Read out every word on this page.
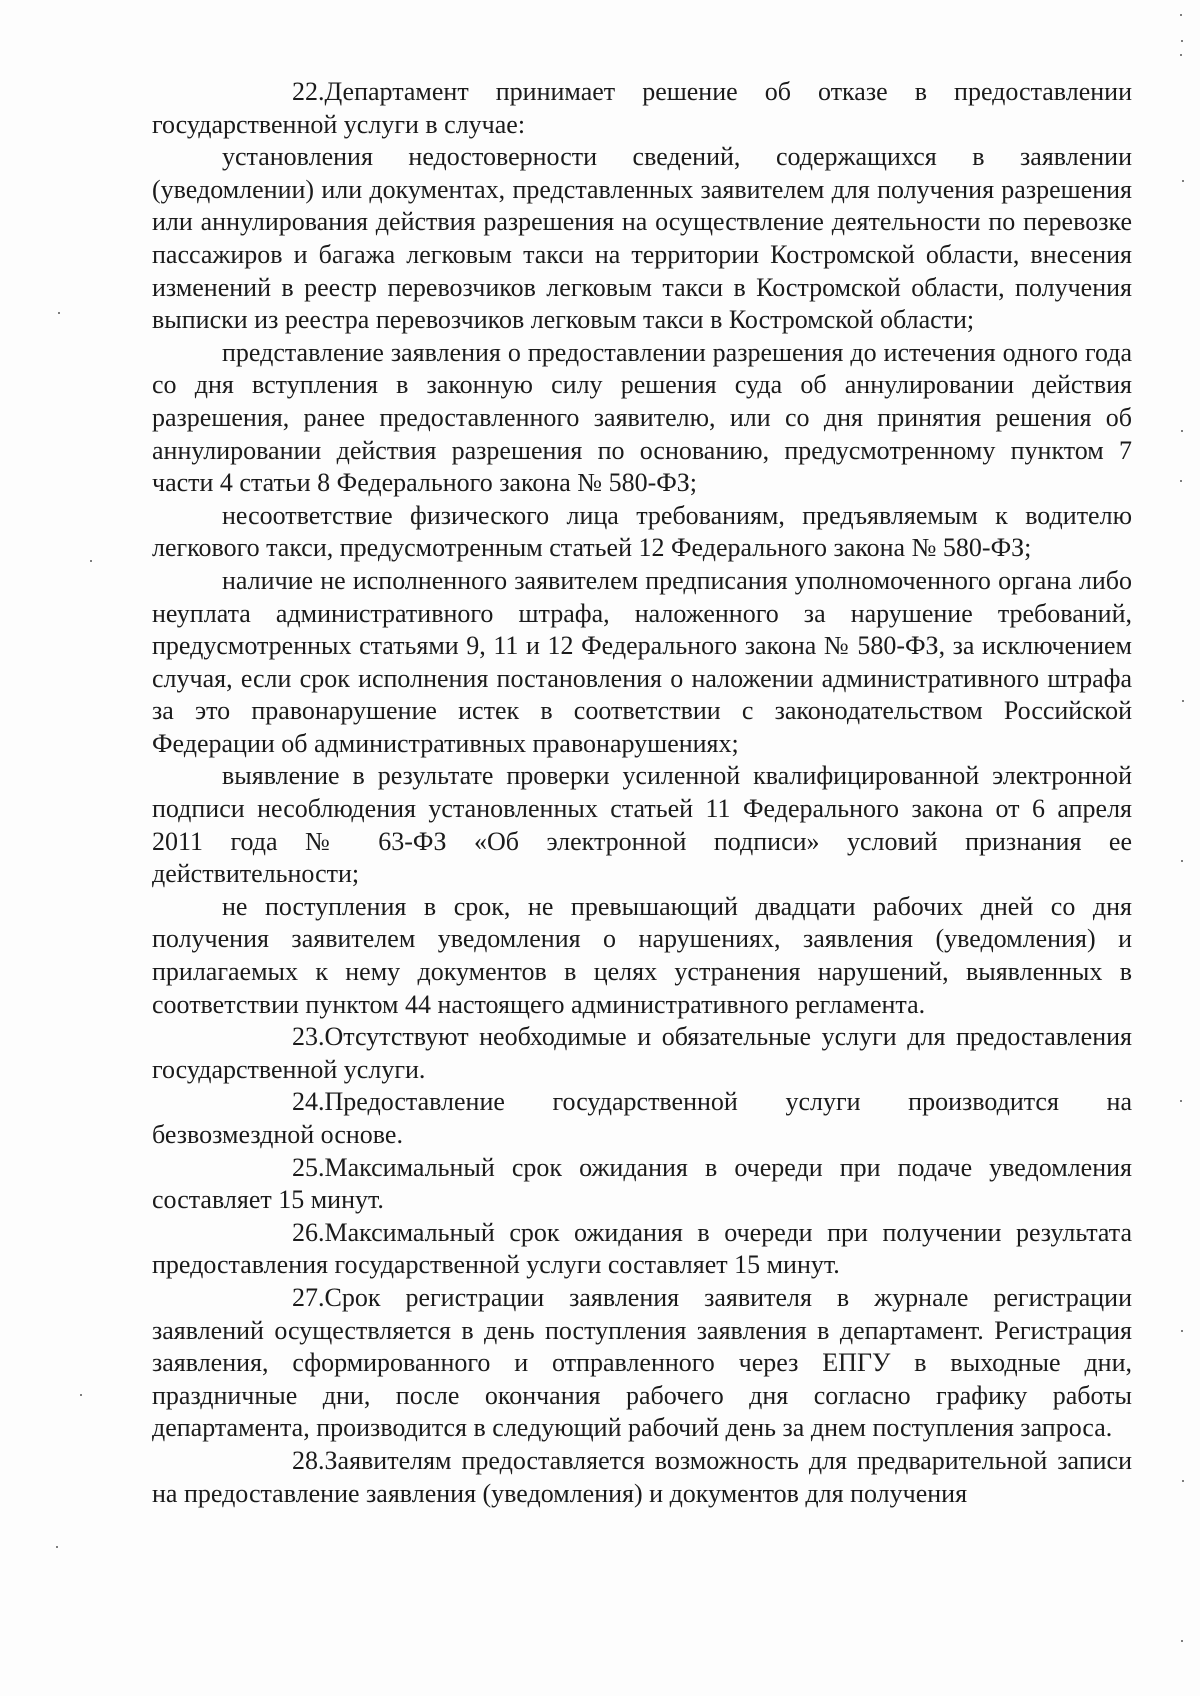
22.Департамент принимает решение об отказе в предоставлении государственной услуги в случае:

установления недостоверности сведений, содержащихся в заявлении (уведомлении) или документах, представленных заявителем для получения разрешения или аннулирования действия разрешения на осуществление деятельности по перевозке пассажиров и багажа легковым такси на территории Костромской области, внесения изменений в реестр перевозчиков легковым такси в Костромской области, получения выписки из реестра перевозчиков легковым такси в Костромской области;

представление заявления о предоставлении разрешения до истечения одного года со дня вступления в законную силу решения суда об аннулировании действия разрешения, ранее предоставленного заявителю, или со дня принятия решения об аннулировании действия разрешения по основанию, предусмотренному пунктом 7 части 4 статьи 8 Федерального закона № 580-ФЗ;

несоответствие физического лица требованиям, предъявляемым к водителю легкового такси, предусмотренным статьей 12 Федерального закона № 580-ФЗ;

наличие не исполненного заявителем предписания уполномоченного органа либо неуплата административного штрафа, наложенного за нарушение требований, предусмотренных статьями 9, 11 и 12 Федерального закона № 580-ФЗ, за исключением случая, если срок исполнения постановления о наложении административного штрафа за это правонарушение истек в соответствии с законодательством Российской Федерации об административных правонарушениях;

выявление в результате проверки усиленной квалифицированной электронной подписи несоблюдения установленных статьей 11 Федерального закона от 6 апреля 2011 года № 63-ФЗ «Об электронной подписи» условий признания ее действительности;

не поступления в срок, не превышающий двадцати рабочих дней со дня получения заявителем уведомления о нарушениях, заявления (уведомления) и прилагаемых к нему документов в целях устранения нарушений, выявленных в соответствии пунктом 44 настоящего административного регламента.

23.Отсутствуют необходимые и обязательные услуги для предоставления государственной услуги.

24.Предоставление государственной услуги производится на безвозмездной основе.

25.Максимальный срок ожидания в очереди при подаче уведомления составляет 15 минут.

26.Максимальный срок ожидания в очереди при получении результата предоставления государственной услуги составляет 15 минут.

27.Срок регистрации заявления заявителя в журнале регистрации заявлений осуществляется в день поступления заявления в департамент. Регистрация заявления, сформированного и отправленного через ЕПГУ в выходные дни, праздничные дни, после окончания рабочего дня согласно графику работы департамента, производится в следующий рабочий день за днем поступления запроса.

28.Заявителям предоставляется возможность для предварительной записи на предоставление заявления (уведомления) и документов для получения
